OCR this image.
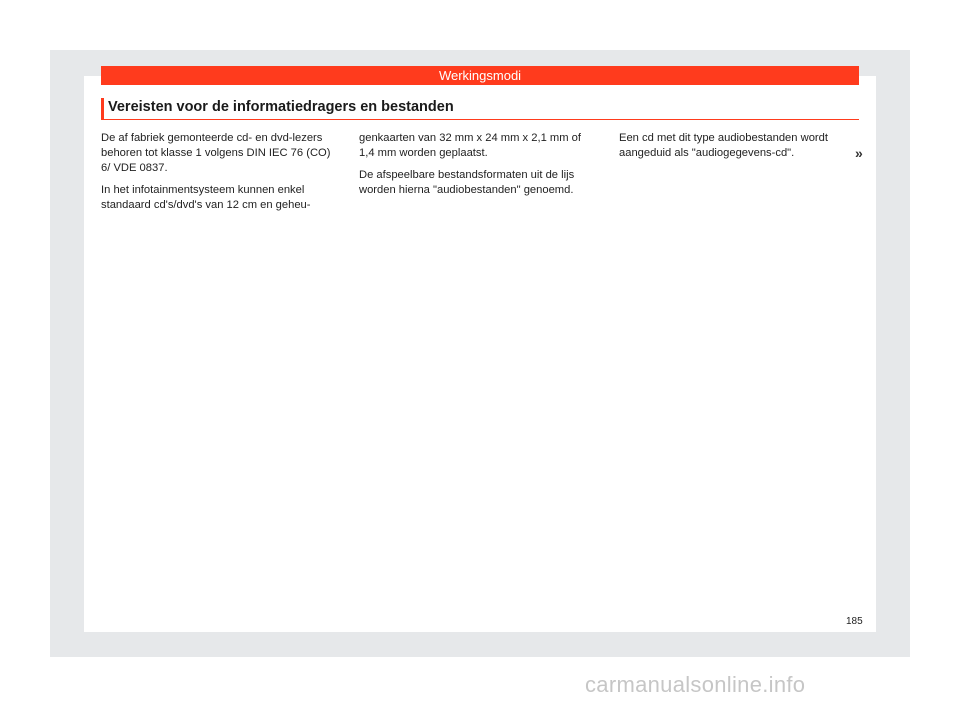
Werkingsmodi
Vereisten voor de informatiedragers en bestanden

De af fabriek gemonteerde cd- en dvd-lezers behoren tot klasse 1 volgens DIN IEC 76 (CO) 6/ VDE 0837.

In het infotainmentsysteem kunnen enkel standaard cd's/dvd's van 12 cm en geheu-

genkaarten van 32 mm x 24 mm x 2,1 mm of 1,4 mm worden geplaatst.

De afspeelbare bestandsformaten uit de lijs worden hierna "audiobestanden" genoemd.

Een cd met dit type audiobestanden wordt aangeduid als "audiogegevens-cd".	»
185
carmanualsonline.info
